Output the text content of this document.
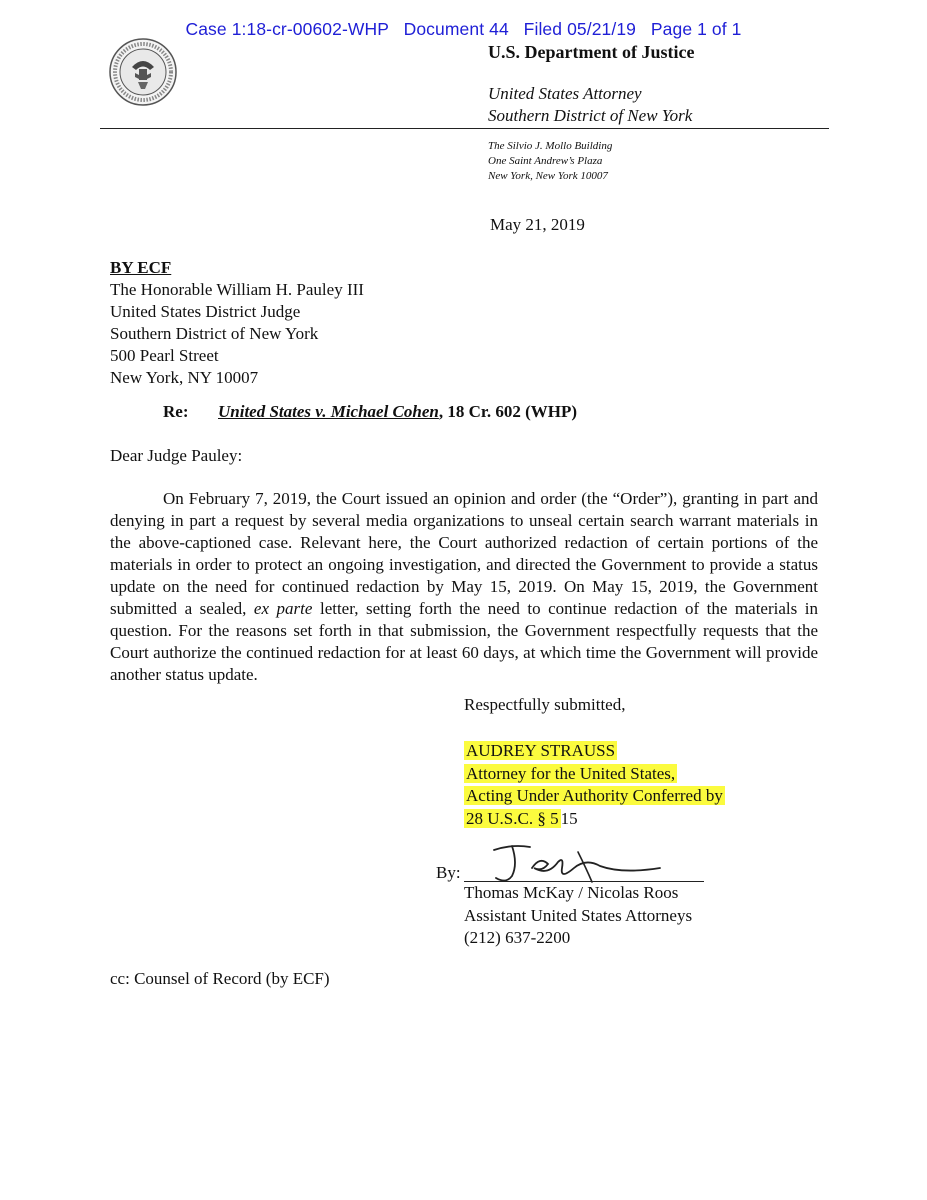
Case 1:18-cr-00602-WHP Document 44 Filed 05/21/19 Page 1 of 1
U.S. Department of Justice
United States Attorney
Southern District of New York
The Silvio J. Mollo Building
One Saint Andrew’s Plaza
New York, New York 10007
May 21, 2019
BY ECF
The Honorable William H. Pauley III
United States District Judge
Southern District of New York
500 Pearl Street
New York, NY 10007
Re: United States v. Michael Cohen, 18 Cr. 602 (WHP)
Dear Judge Pauley:
On February 7, 2019, the Court issued an opinion and order (the “Order”), granting in part and denying in part a request by several media organizations to unseal certain search warrant materials in the above-captioned case. Relevant here, the Court authorized redaction of certain portions of the materials in order to protect an ongoing investigation, and directed the Government to provide a status update on the need for continued redaction by May 15, 2019. On May 15, 2019, the Government submitted a sealed, ex parte letter, setting forth the need to continue redaction of the materials in question. For the reasons set forth in that submission, the Government respectfully requests that the Court authorize the continued redaction for at least 60 days, at which time the Government will provide another status update.
Respectfully submitted,
AUDREY STRAUSS
Attorney for the United States,
Acting Under Authority Conferred by
28 U.S.C. § 5 15
By:
Thomas McKay / Nicolas Roos
Assistant United States Attorneys
(212) 637-2200
cc: Counsel of Record (by ECF)
